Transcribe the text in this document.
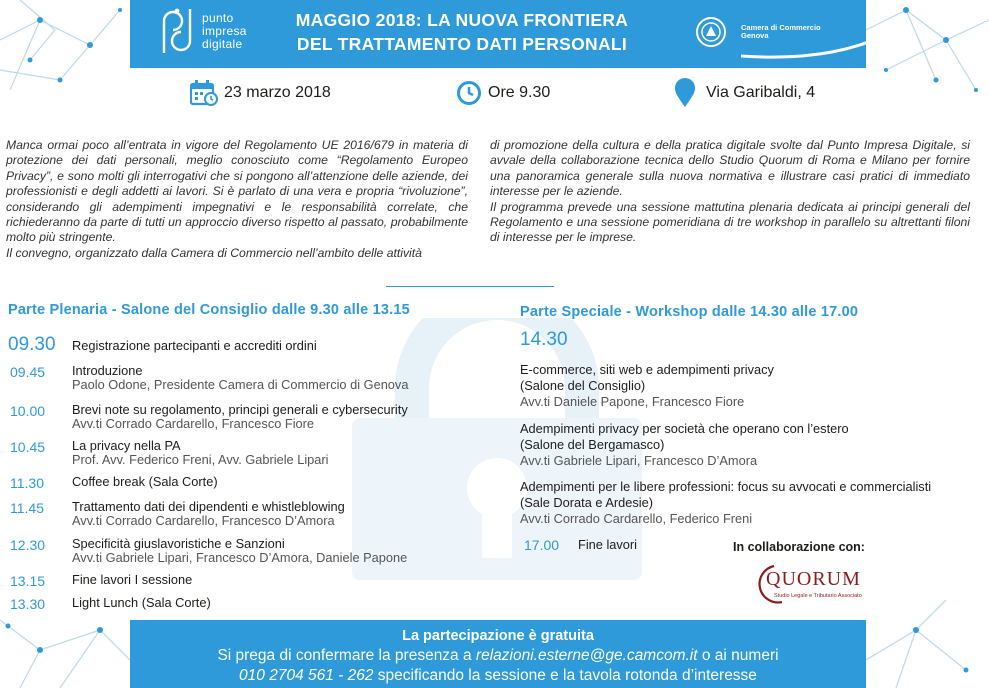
punto
impresa
digitale
MAGGIO 2018: LA NUOVA FRONTIERA
DEL TRATTAMENTO DATI PERSONALI
Camera di Commercio
Genova
23 marzo 2018	Ore 9.30	Via Garibaldi, 4

Manca ormai poco all’entrata in vigore del Regolamento UE 2016/679 in materia di protezione dei dati personali, meglio conosciuto come “Regolamento Europeo Privacy”, e sono molti gli interrogativi che si pongono all’attenzione delle aziende, dei professionisti e degli addetti ai lavori. Si è parlato di una vera e propria “rivoluzione”, considerando gli adempimenti impegnativi e le responsabilità correlate, che richiederanno da parte di tutti un approccio diverso rispetto al passato, probabilmente molto più stringente.

Il convegno, organizzato dalla Camera di Commercio nell’ambito delle attività

di promozione della cultura e della pratica digitale svolte dal Punto Impresa Digitale, si avvale della collaborazione tecnica dello Studio Quorum di Roma e Milano per fornire una panoramica generale sulla nuova normativa e illustrare casi pratici di immediato interesse per le aziende.

Il programma prevede una sessione mattutina plenaria dedicata ai principi generali del Regolamento e una sessione pomeridiana di tre workshop in parallelo su altrettanti filoni di interesse per le imprese.

Parte Plenaria - Salone del Consiglio dalle 9.30 alle 13.15	Parte Speciale - Workshop dalle 14.30 alle 17.00
09.30	Registrazione partecipanti e accrediti ordini
09.45	Introduzione
Paolo Odone, Presidente Camera di Commercio di Genova
10.00	Brevi note su regolamento, principi generali e cybersecurity
Avv.ti Corrado Cardarello, Francesco Fiore
10.45	La privacy nella PA
Prof. Avv. Federico Freni, Avv. Gabriele Lipari
11.30	Coffee break (Sala Corte)
11.45	Trattamento dati dei dipendenti e whistleblowing
Avv.ti Corrado Cardarello, Francesco D’Amora
12.30	Specificità giuslavoristiche e Sanzioni
Avv.ti Gabriele Lipari, Francesco D’Amora, Daniele Papone
13.15	Fine lavori I sessione
13.30	Light Lunch (Sala Corte)
14.30
E-commerce, siti web e adempimenti privacy
(Salone del Consiglio)
Avv.ti Daniele Papone, Francesco Fiore
Adempimenti privacy per società che operano con l’estero
(Salone del Bergamasco)
Avv.ti Gabriele Lipari, Francesco D’Amora
Adempimenti per le libere professioni: focus su avvocati e commercialisti
(Sale Dorata e Ardesie)
Avv.ti Corrado Cardarello, Federico Freni
17.00	Fine lavori	In collaborazione con:
QUORUM
Studio Legale e Tributario Associato
La partecipazione è gratuita
Si prega di confermare la presenza a relazioni.esterne@ge.camcom.it o ai numeri
010 2704 561 - 262 specificando la sessione e la tavola rotonda d’interesse
